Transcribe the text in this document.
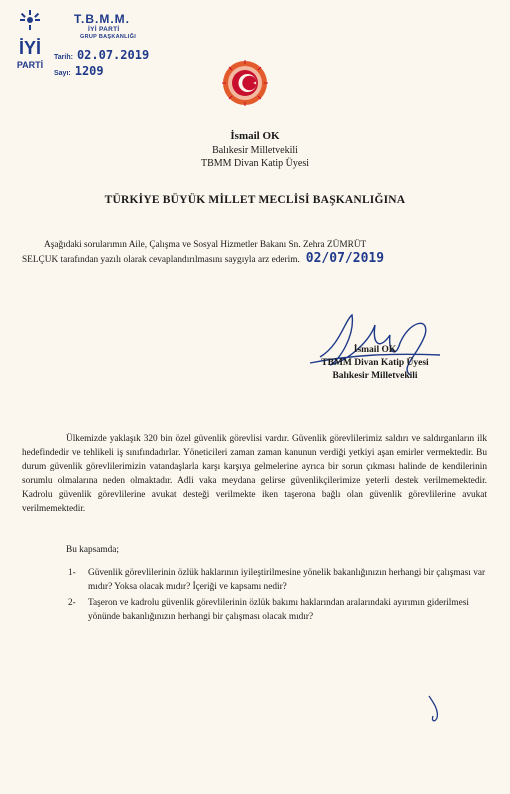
İYİ
PARTİ
T.B.M.M.
İYİ PARTİ
GRUP BAŞKANLIĞI
Tarih: 02.07.2019
Sayı: 1209
İsmail OK
Balıkesir Milletvekili
TBMM Divan Katip Üyesi
TÜRKİYE BÜYÜK MİLLET MECLİSİ BAŞKANLIĞINA
Aşağıdaki sorularımın Aile, Çalışma ve Sosyal Hizmetler Bakanı Sn. Zehra ZÜMRÜT
SELÇUK tarafından yazılı olarak cevaplandırılmasını saygıyla arz ederim. 02/07/2019
İsmail OK
TBMM Divan Katip Üyesi
Balıkesir Milletvekili
Ülkemizde yaklaşık 320 bin özel güvenlik görevlisi vardır. Güvenlik görevlilerimiz saldırı ve saldırganların ilk hedefindedir ve tehlikeli iş sınıfındadırlar. Yöneticileri zaman zaman kanunun verdiği yetkiyi aşan emirler vermektedir. Bu durum güvenlik görevlilerimizin vatandaşlarla karşı karşıya gelmelerine ayrıca bir sorun çıkması halinde de kendilerinin sorumlu olmalarına neden olmaktadır. Adli vaka meydana gelirse güvenlikçilerimize yeterli destek verilmemektedir. Kadrolu güvenlik görevlilerine avukat desteği verilmekte iken taşerona bağlı olan güvenlik görevlilerine avukat verilmemektedir.
Bu kapsamda;
1- Güvenlik görevlilerinin özlük haklarının iyileştirilmesine yönelik bakanlığınızın herhangi bir çalışması var mıdır? Yoksa olacak mıdır? İçeriği ve kapsamı nedir?
2- Taşeron ve kadrolu güvenlik görevlilerinin özlük bakımı haklarından aralarındaki ayırımın giderilmesi yönünde bakanlığınızın herhangi bir çalışması olacak mıdır?
